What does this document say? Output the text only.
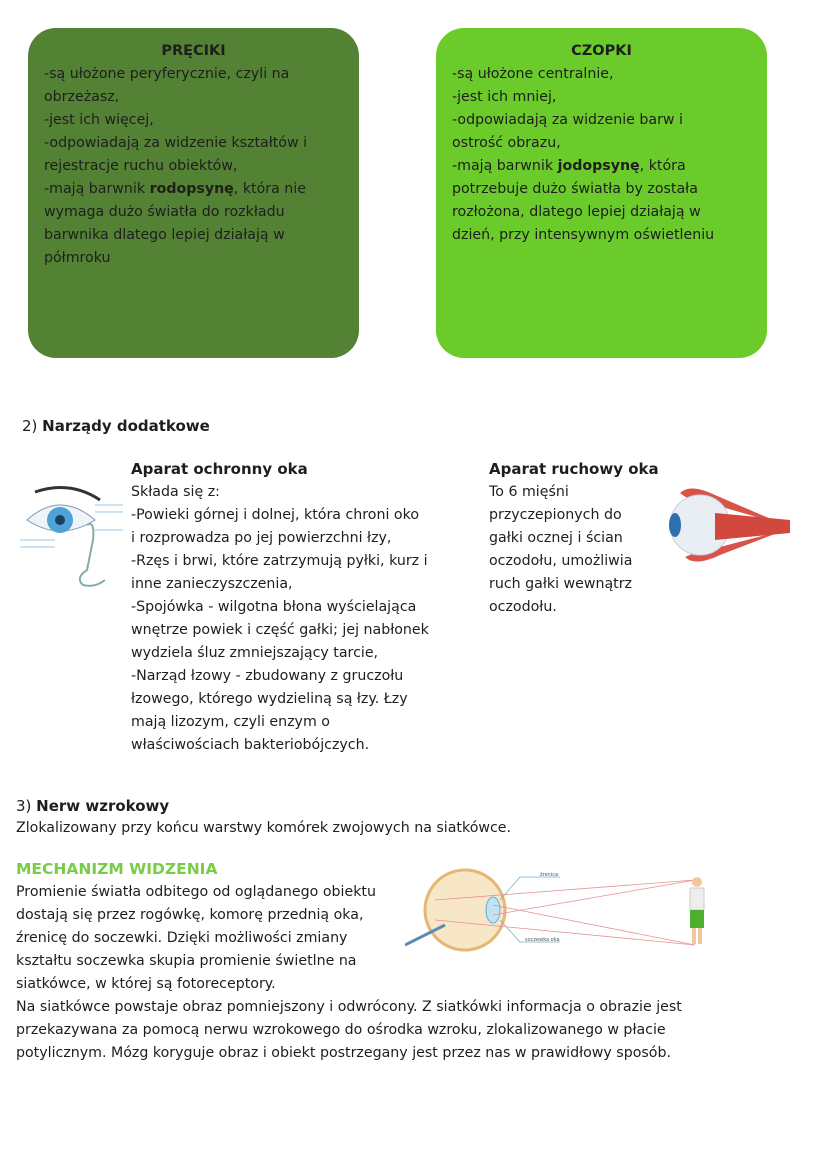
PRĘCIKI

-są ułożone peryferycznie, czyli na

obrzeżasz,

-jest ich więcej,

-odpowiadają za widzenie kształtów i

rejestracje ruchu obiektów,

-mają barwnik rodopsynę, która nie

wymaga dużo światła do rozkładu

barwnika dlatego lepiej działają w

półmroku

CZOPKI

-są ułożone centralnie,

-jest ich mniej,

-odpowiadają za widzenie barw i

ostrość obrazu,

-mają barwnik jodopsynę, która

potrzebuje dużo światła by została

rozłożona, dlatego lepiej działają w

dzień, przy intensywnym oświetleniu

2) Narządy dodatkowe

Aparat ochronny oka

Składa się z:

-Powieki górnej i dolnej, która chroni oko

i rozprowadza po jej powierzchni łzy,

-Rzęs i brwi, które zatrzymują pyłki, kurz i

inne zanieczyszczenia,

-Spojówka - wilgotna błona wyścielająca

wnętrze powiek i część gałki; jej nabłonek

wydziela śluz zmniejszający tarcie,

-Narząd łzowy - zbudowany z gruczołu

łzowego, którego wydzieliną są łzy. Łzy

mają lizozym, czyli enzym o

właściwościach bakteriobójczych.

Aparat ruchowy oka

To 6 mięśni

przyczepionych do

gałki ocznej i ścian

oczodołu, umożliwia

ruch gałki wewnątrz

oczodołu.

3) Nerw wzrokowy

Zlokalizowany przy końcu warstwy komórek zwojowych na siatkówce.

MECHANIZM WIDZENIA

Promienie światła odbitego od oglądanego obiektu

dostają się przez rogówkę, komorę przednią oka,

źrenicę do soczewki. Dzięki możliwości zmiany

kształtu soczewka skupia promienie świetlne na

siatkówce, w której są fotoreceptory.

Na siatkówce powstaje obraz pomniejszony i odwrócony. Z siatkówki informacja o obrazie jest

przekazywana za pomocą nerwu wzrokowego do ośrodka wzroku, zlokalizowanego w płacie

potylicznym. Mózg koryguje obraz i obiekt postrzegany jest przez nas w prawidłowy sposób.

źrenica
soczewka oka
